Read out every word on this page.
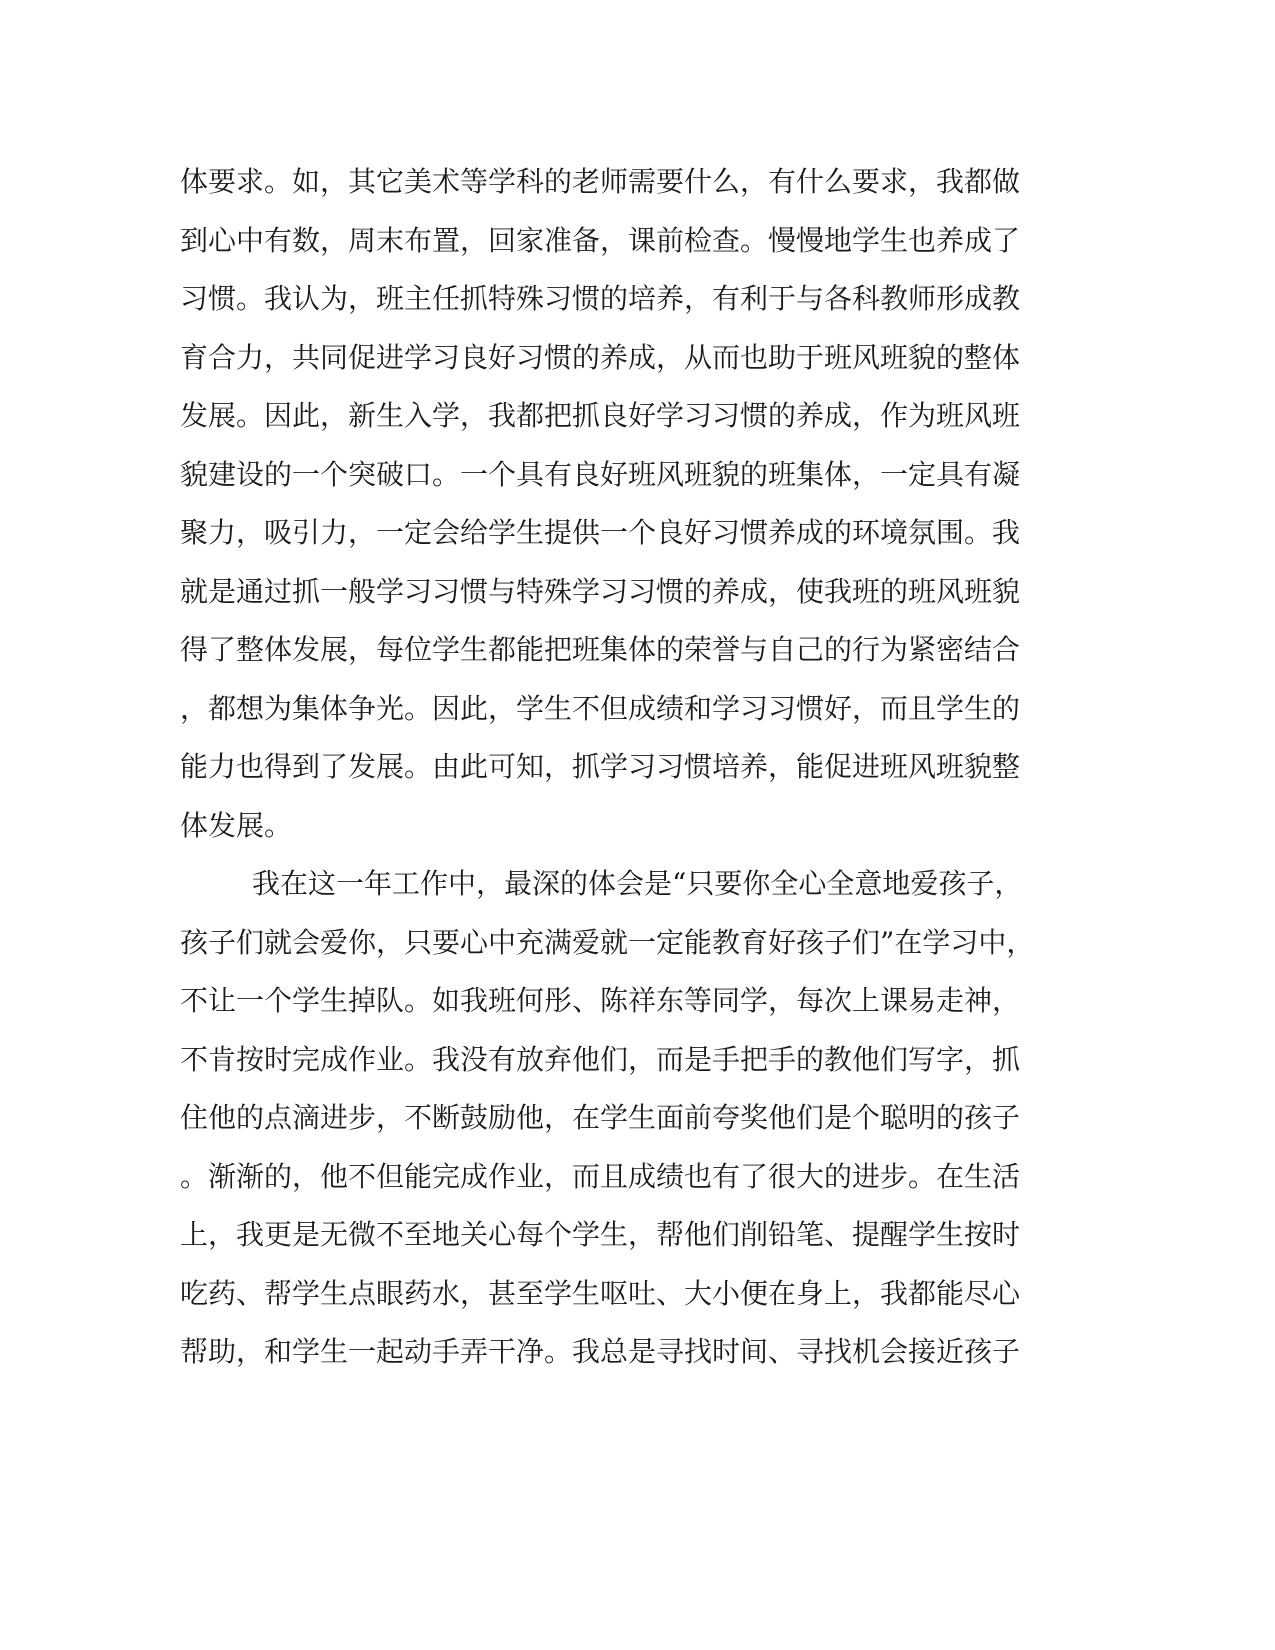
体要求。如，其它美术等学科的老师需要什么，有什么要求，我都做
到心中有数，周末布置，回家准备，课前检查。慢慢地学生也养成了
习惯。我认为，班主任抓特殊习惯的培养，有利于与各科教师形成教
育合力，共同促进学习良好习惯的养成，从而也助于班风班貌的整体
发展。因此，新生入学，我都把抓良好学习习惯的养成，作为班风班
貌建设的一个突破口。一个具有良好班风班貌的班集体，一定具有凝
聚力，吸引力，一定会给学生提供一个良好习惯养成的环境氛围。我
就是通过抓一般学习习惯与特殊学习习惯的养成，使我班的班风班貌
得了整体发展，每位学生都能把班集体的荣誉与自己的行为紧密结合
，都想为集体争光。因此，学生不但成绩和学习习惯好，而且学生的
能力也得到了发展。由此可知，抓学习习惯培养，能促进班风班貌整
体发展。
我在这一年工作中，最深的体会是“只要你全心全意地爱孩子，
孩子们就会爱你，只要心中充满爱就一定能教育好孩子们”在学习中，
不让一个学生掉队。如我班何彤、陈祥东等同学，每次上课易走神，
不肯按时完成作业。我没有放弃他们，而是手把手的教他们写字，抓
住他的点滴进步，不断鼓励他，在学生面前夸奖他们是个聪明的孩子
。渐渐的，他不但能完成作业，而且成绩也有了很大的进步。在生活
上，我更是无微不至地关心每个学生，帮他们削铅笔、提醒学生按时
吃药、帮学生点眼药水，甚至学生呕吐、大小便在身上，我都能尽心
帮助，和学生一起动手弄干净。我总是寻找时间、寻找机会接近孩子
